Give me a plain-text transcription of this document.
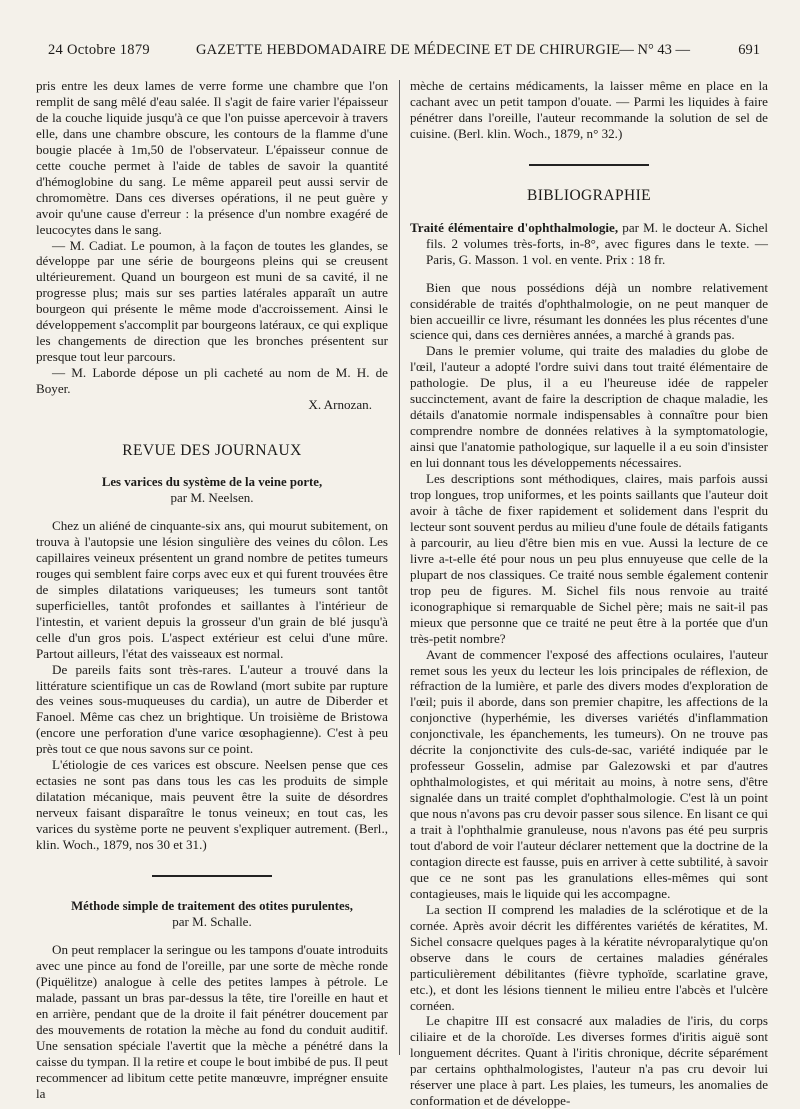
24 Octobre 1879	GAZETTE HEBDOMADAIRE DE MÉDECINE ET DE CHIRURGIE — N° 43 —	691

pris entre les deux lames de verre forme une chambre que l'on remplit de sang mêlé d'eau salée. Il s'agit de faire varier l'épaisseur de la couche liquide jusqu'à ce que l'on puisse apercevoir à travers elle, dans une chambre obscure, les contours de la flamme d'une bougie placée à 1m,50 de l'observateur. L'épaisseur connue de cette couche permet à l'aide de tables de savoir la quantité d'hémoglobine du sang. Le même appareil peut aussi servir de chromomètre. Dans ces diverses opérations, il ne peut guère y avoir qu'une cause d'erreur : la présence d'un nombre exagéré de leucocytes dans le sang.

— M. Cadiat. Le poumon, à la façon de toutes les glandes, se développe par une série de bourgeons pleins qui se creusent ultérieurement. Quand un bourgeon est muni de sa cavité, il ne progresse plus; mais sur ses parties latérales apparaît un autre bourgeon qui présente le même mode d'accroissement. Ainsi le développement s'accomplit par bourgeons latéraux, ce qui explique les changements de direction que les bronches présentent sur presque tout leur parcours.

— M. Laborde dépose un pli cacheté au nom de M. H. de Boyer.

X. Arnozan.

REVUE DES JOURNAUX
Les varices du système de la veine porte,
par M. Neelsen.

Chez un aliéné de cinquante-six ans, qui mourut subitement, on trouva à l'autopsie une lésion singulière des veines du côlon. Les capillaires veineux présentent un grand nombre de petites tumeurs rouges qui semblent faire corps avec eux et qui furent trouvées être de simples dilatations variqueuses; les tumeurs sont tantôt superficielles, tantôt profondes et saillantes à l'intérieur de l'intestin, et varient depuis la grosseur d'un grain de blé jusqu'à celle d'un gros pois. L'aspect extérieur est celui d'une mûre. Partout ailleurs, l'état des vaisseaux est normal.

De pareils faits sont très-rares. L'auteur a trouvé dans la littérature scientifique un cas de Rowland (mort subite par rupture des veines sous-muqueuses du cardia), un autre de Diberder et Fanoel. Même cas chez un brightique. Un troisième de Bristowa (encore une perforation d'une varice œsophagienne). C'est à peu près tout ce que nous savons sur ce point.

L'étiologie de ces varices est obscure. Neelsen pense que ces ectasies ne sont pas dans tous les cas les produits de simple dilatation mécanique, mais peuvent être la suite de désordres nerveux faisant disparaître le tonus veineux; en tout cas, les varices du système porte ne peuvent s'expliquer autrement. (Berl., klin. Woch., 1879, nos 30 et 31.)

Méthode simple de traitement des otites purulentes,
par M. Schalle.

On peut remplacer la seringue ou les tampons d'ouate introduits avec une pince au fond de l'oreille, par une sorte de mèche ronde (Piquëlitze) analogue à celle des petites lampes à pétrole. Le malade, passant un bras par-dessus la tête, tire l'oreille en haut et en arrière, pendant que de la droite il fait pénétrer doucement par des mouvements de rotation la mèche au fond du conduit auditif. Une sensation spéciale l'avertit que la mèche a pénétré dans la caisse du tympan. Il la retire et coupe le bout imbibé de pus. Il peut recommencer ad libitum cette petite manœuvre, imprégner ensuite la

mèche de certains médicaments, la laisser même en place en la cachant avec un petit tampon d'ouate. — Parmi les liquides à faire pénétrer dans l'oreille, l'auteur recommande la solution de sel de cuisine. (Berl. klin. Woch., 1879, n° 32.)

BIBLIOGRAPHIE

Traité élémentaire d'ophthalmologie, par M. le docteur A. Sichel fils. 2 volumes très-forts, in-8°, avec figures dans le texte. — Paris, G. Masson. 1 vol. en vente. Prix : 18 fr.

Bien que nous possédions déjà un nombre relativement considérable de traités d'ophthalmologie, on ne peut manquer de bien accueillir ce livre, résumant les données les plus récentes d'une science qui, dans ces dernières années, a marché à grands pas.

Dans le premier volume, qui traite des maladies du globe de l'œil, l'auteur a adopté l'ordre suivi dans tout traité élémentaire de pathologie. De plus, il a eu l'heureuse idée de rappeler succinctement, avant de faire la description de chaque maladie, les détails d'anatomie normale indispensables à connaître pour bien comprendre nombre de données relatives à la symptomatologie, ainsi que l'anatomie pathologique, sur laquelle il a eu soin d'insister en lui donnant tous les développements nécessaires.

Les descriptions sont méthodiques, claires, mais parfois aussi trop longues, trop uniformes, et les points saillants que l'auteur doit avoir à tâche de fixer rapidement et solidement dans l'esprit du lecteur sont souvent perdus au milieu d'une foule de détails fatigants à parcourir, au lieu d'être bien mis en vue. Aussi la lecture de ce livre a-t-elle été pour nous un peu plus ennuyeuse que celle de la plupart de nos classiques. Ce traité nous semble également contenir trop peu de figures. M. Sichel fils nous renvoie au traité iconographique si remarquable de Sichel père; mais ne sait-il pas mieux que personne que ce traité ne peut être à la portée que d'un très-petit nombre?

Avant de commencer l'exposé des affections oculaires, l'auteur remet sous les yeux du lecteur les lois principales de réflexion, de réfraction de la lumière, et parle des divers modes d'exploration de l'œil; puis il aborde, dans son premier chapitre, les affections de la conjonctive (hyperhémie, les diverses variétés d'inflammation conjonctivale, les épanchements, les tumeurs). On ne trouve pas décrite la conjonctivite des culs-de-sac, variété indiquée par le professeur Gosselin, admise par Galezowski et par d'autres ophthalmologistes, et qui méritait au moins, à notre sens, d'être signalée dans un traité complet d'ophthalmologie. C'est là un point que nous n'avons pas cru devoir passer sous silence. En lisant ce qui a trait à l'ophthalmie granuleuse, nous n'avons pas été peu surpris tout d'abord de voir l'auteur déclarer nettement que la doctrine de la contagion directe est fausse, puis en arriver à cette subtilité, à savoir que ce ne sont pas les granulations elles-mêmes qui sont contagieuses, mais le liquide qui les accompagne.

La section II comprend les maladies de la sclérotique et de la cornée. Après avoir décrit les différentes variétés de kératites, M. Sichel consacre quelques pages à la kératite névroparalytique qu'on observe dans le cours de certaines maladies générales particulièrement débilitantes (fièvre typhoïde, scarlatine grave, etc.), et dont les lésions tiennent le milieu entre l'abcès et l'ulcère cornéen.

Le chapitre III est consacré aux maladies de l'iris, du corps ciliaire et de la choroïde. Les diverses formes d'iritis aiguë sont longuement décrites. Quant à l'iritis chronique, décrite séparément par certains ophthalmologistes, l'auteur n'a pas cru devoir lui réserver une place à part. Les plaies, les tumeurs, les anomalies de conformation et de développe-
